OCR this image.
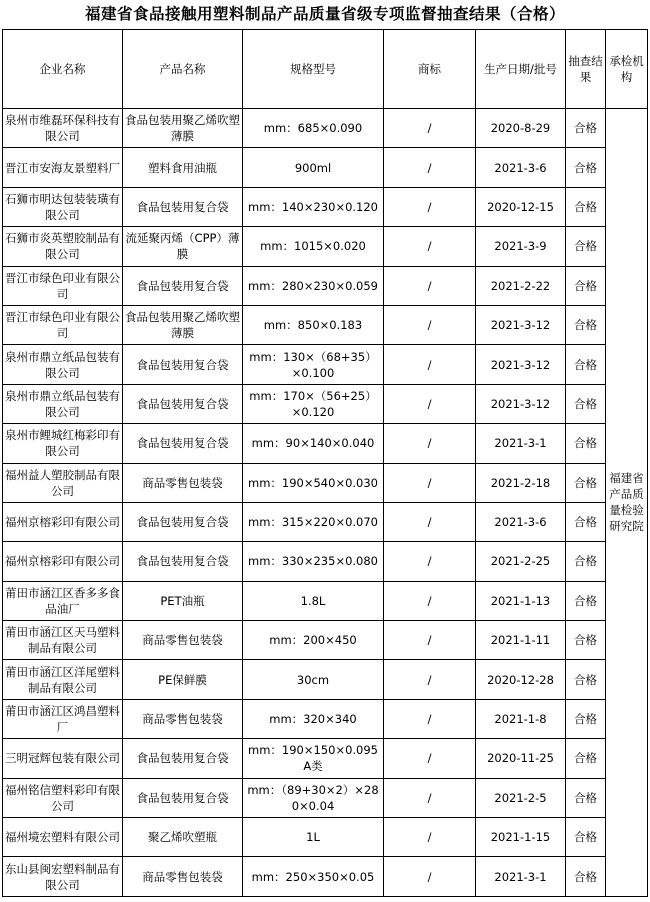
福建省食品接触用塑料制品产品质量省级专项监督抽查结果（合格）
企业名称	产品名称	规格型号	商标	生产日期/批号	抽查结果	承检机构
泉州市维磊环保科技有限公司	食品包装用聚乙烯吹塑薄膜	mm：685×0.090	/	2020-8-29	合格	福建省产品质量检验研究院
晋江市安海友景塑料厂	塑料食用油瓶	900ml	/	2021-3-6	合格	
石狮市明达包装装璜有限公司	食品包装用复合袋	mm：140×230×0.120	/	2020-12-15	合格	
石狮市炎英塑胶制品有限公司	流延聚丙烯（CPP）薄膜	mm：1015×0.020	/	2021-3-9	合格	
晋江市绿色印业有限公司	食品包装用复合袋	mm：280×230×0.059	/	2021-2-22	合格	
晋江市绿色印业有限公司	食品包装用聚乙烯吹塑薄膜	mm：850×0.183	/	2021-3-12	合格	
泉州市鼎立纸品包装有限公司	食品包装用复合袋	mm：130×（68+35）×0.100	/	2021-3-12	合格	
泉州市鼎立纸品包装有限公司	食品包装用复合袋	mm：170×（56+25）×0.120	/	2021-3-12	合格	
泉州市鲤城红梅彩印有限公司	食品包装用复合袋	mm：90×140×0.040	/	2021-3-1	合格	
福州益人塑胶制品有限公司	商品零售包装袋	mm：190×540×0.030	/	2021-2-18	合格	
福州京榕彩印有限公司	食品包装用复合袋	mm：315×220×0.070	/	2021-3-6	合格	
福州京榕彩印有限公司	食品包装用复合袋	mm：330×235×0.080	/	2021-2-25	合格	
莆田市涵江区香多多食品油厂	PET油瓶	1.8L	/	2021-1-13	合格	
莆田市涵江区天马塑料制品有限公司	商品零售包装袋	mm：200×450	/	2021-1-11	合格	
莆田市涵江区洋尾塑料制品有限公司	PE保鲜膜	30cm	/	2020-12-28	合格	
莆田市涵江区鸿昌塑料厂	商品零售包装袋	mm：320×340	/	2021-1-8	合格	
三明冠辉包装有限公司	食品包装用复合袋	mm：190×150×0.095A类	/	2020-11-25	合格	
福州铭信塑料彩印有限公司	食品包装用复合袋	mm：（89+30×2）×280×0.04	/	2021-2-5	合格	
福州境宏塑料有限公司	聚乙烯吹塑瓶	1L	/	2021-1-15	合格	
东山县闽宏塑料制品有限公司	商品零售包装袋	mm：250×350×0.05	/	2021-3-1	合格	
